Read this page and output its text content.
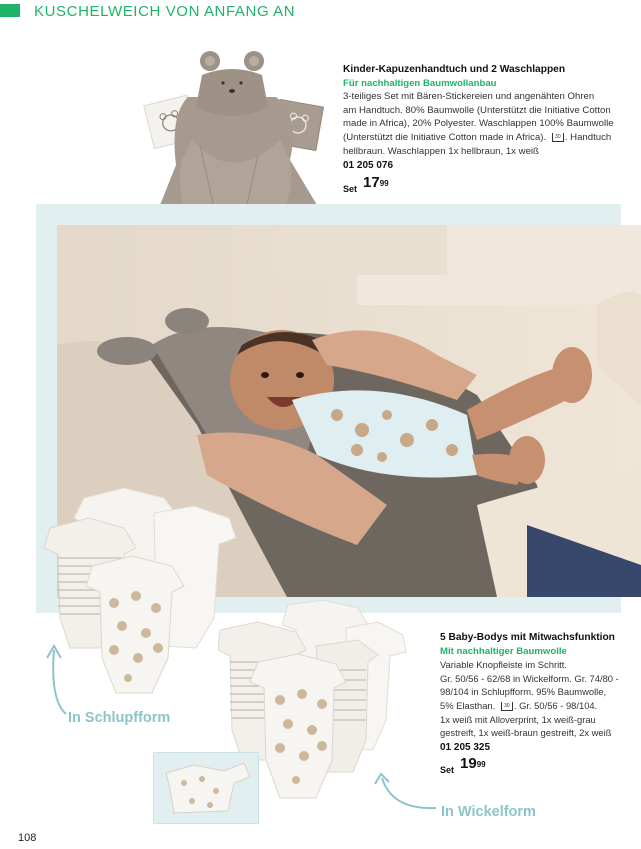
KUSCHELWEICH VON ANFANG AN
Kinder-Kapuzenhandtuch und 2 Waschlappen
Für nachhaltigen Baumwollanbau
3-teiliges Set mit Bären-Stickereien und angenähten Ohren
am Handtuch. 80% Baumwolle (Unterstützt die Initiative Cotton
made in Africa), 20% Polyester. Waschlappen 100% Baumwolle
(Unterstützt die Initiative Cotton made in Africa). 30 . Handtuch
hellbraun. Waschlappen 1x hellbraun, 1x weiß
01 205 076
Set 17 99
In Schlupfform
In Wickelform
5 Baby-Bodys mit Mitwachsfunktion
Mit nachhaltiger Baumwolle
Variable Knopfleiste im Schritt.
Gr. 50/56 - 62/68 in Wickelform. Gr. 74/80 -
98/104 in Schlupfform. 95% Baumwolle,
5% Elasthan. 30 . Gr. 50/56 - 98/104.
1x weiß mit Alloverprint, 1x weiß-grau
gestreift, 1x weiß-braun gestreift, 2x weiß
01 205 325
Set 19 99
108
